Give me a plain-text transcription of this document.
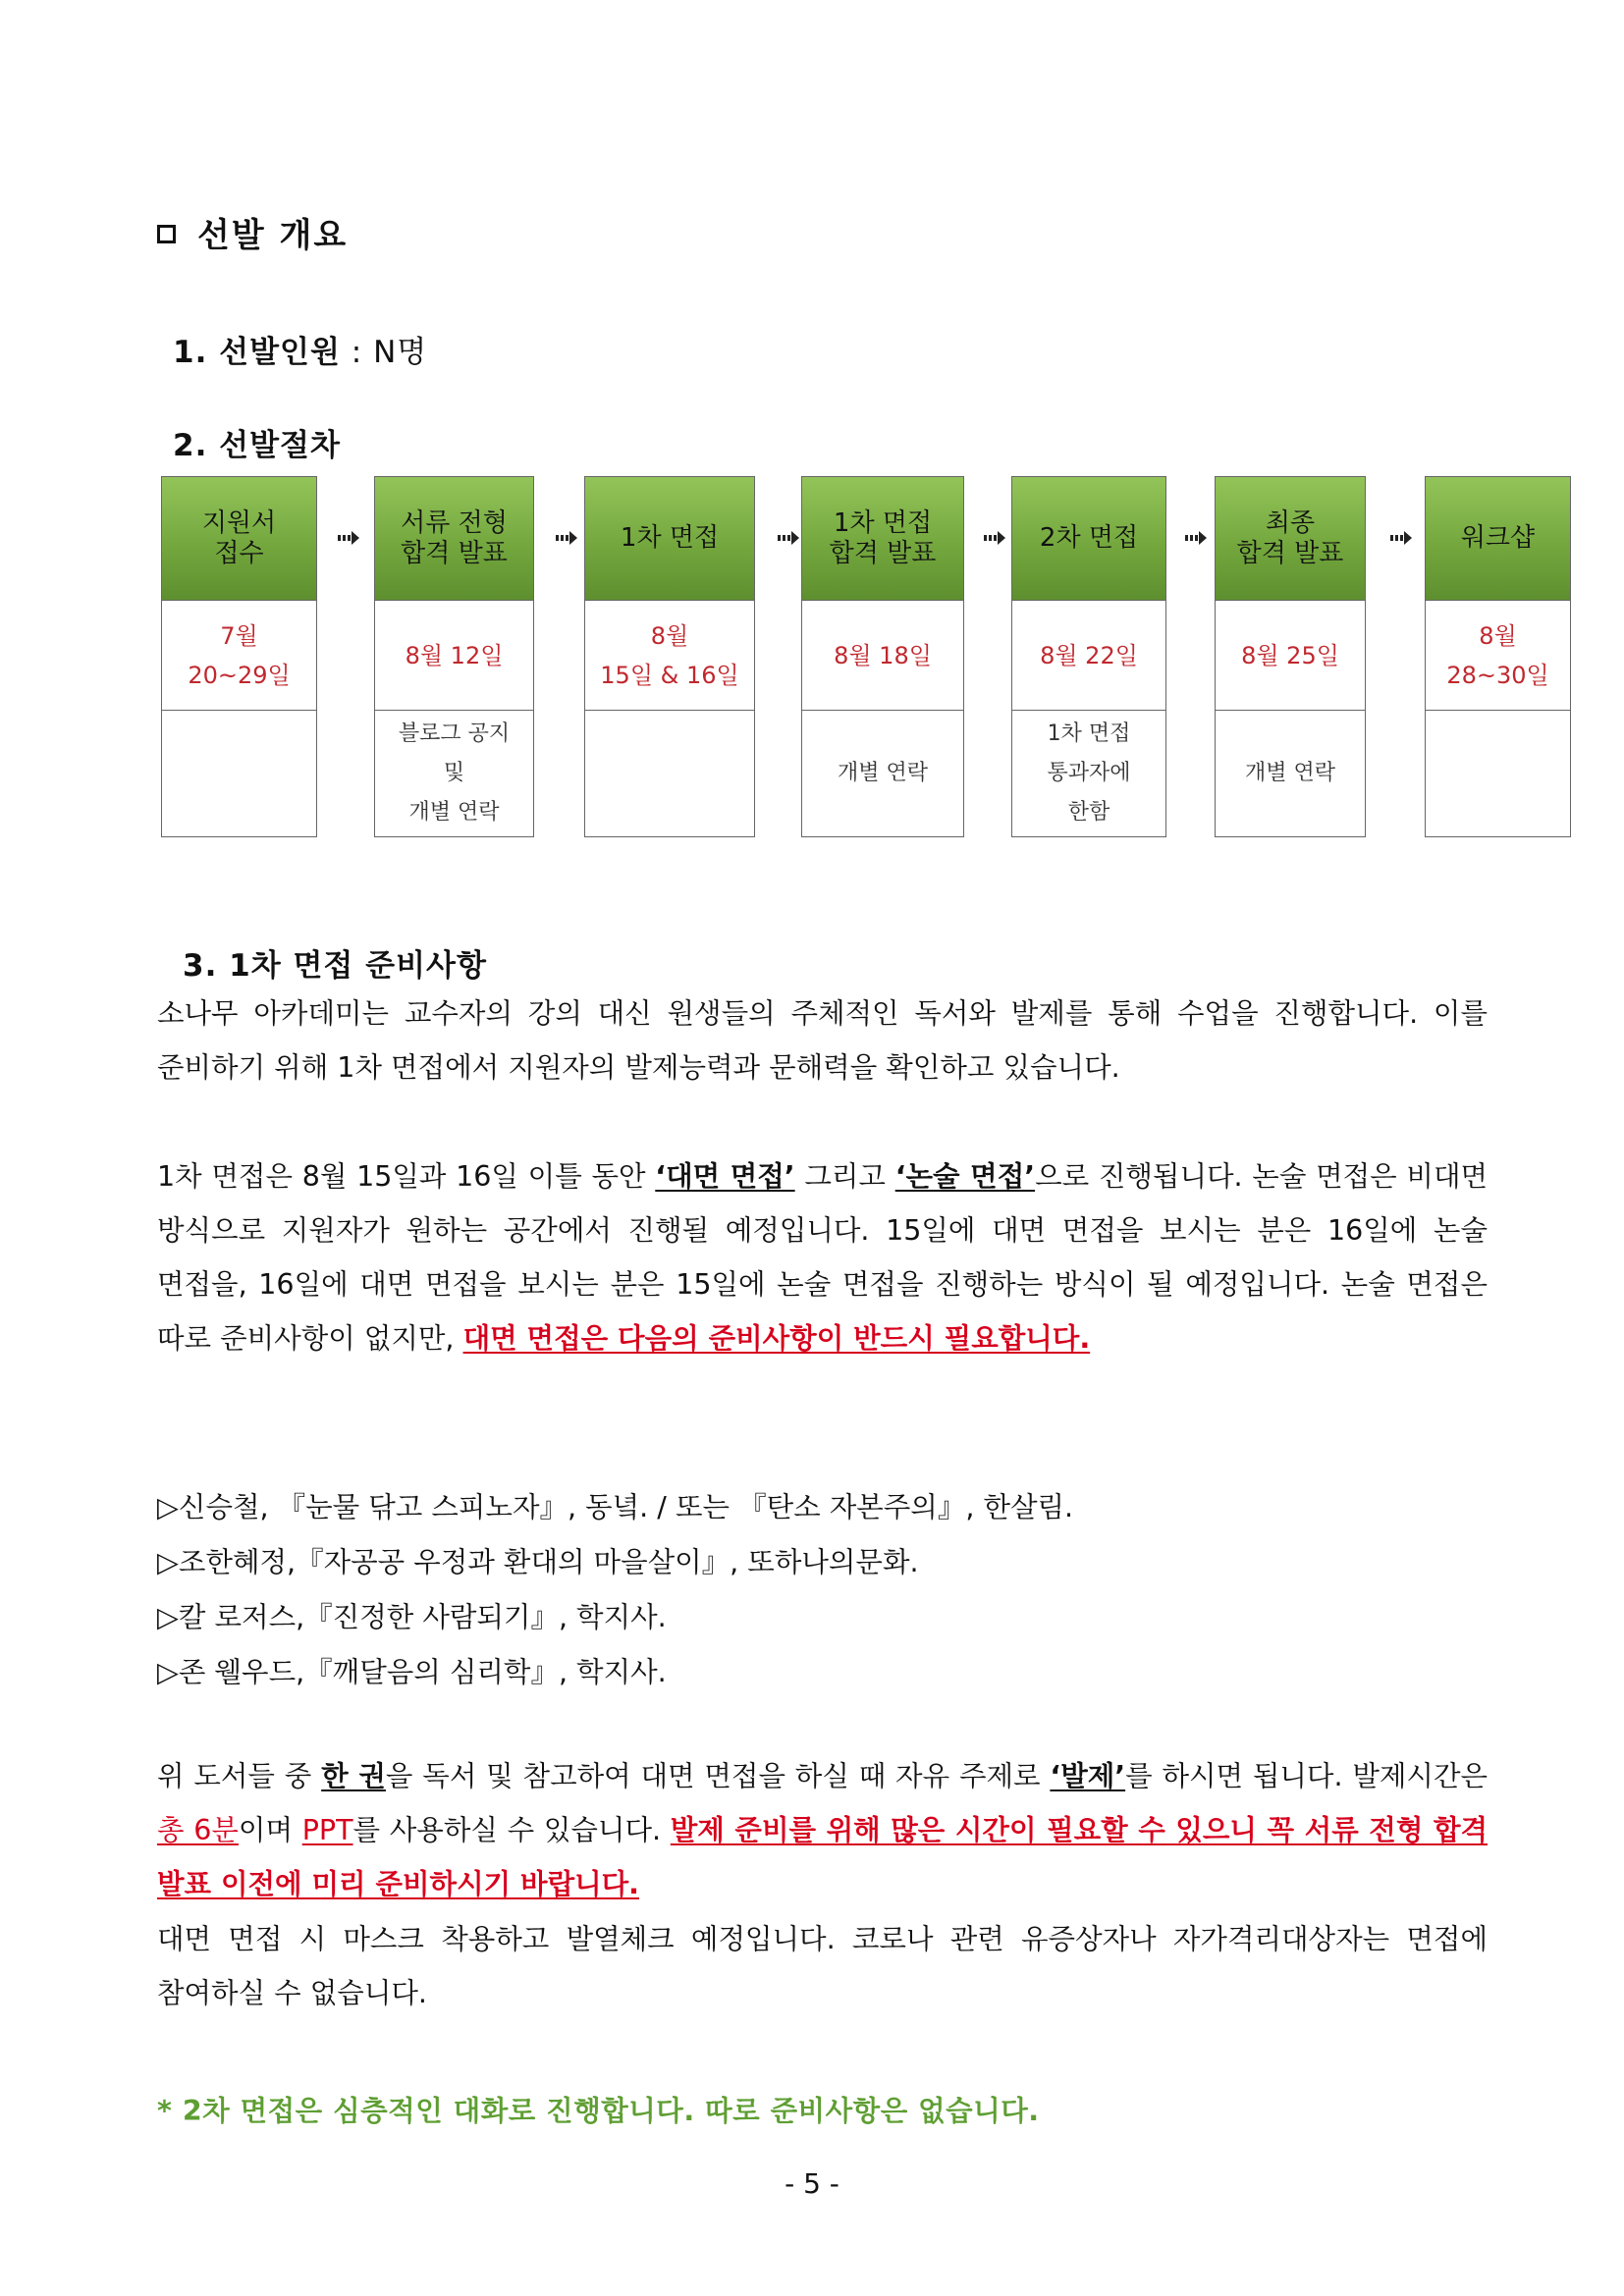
선발 개요
1. 선발인원 : N명
2. 선발절차
지원서
접수
7월
20~29일
서류 전형
합격 발표
8월 12일
블로그 공지
및
개별 연락
1차 면접
8월
15일 & 16일
1차 면접
합격 발표
8월 18일
개별 연락
2차 면접
8월 22일
1차 면접
통과자에
한함
최종
합격 발표
8월 25일
개별 연락
워크샵
8월
28~30일
3. 1차 면접 준비사항
소나무 아카데미는 교수자의 강의 대신 원생들의 주체적인 독서와 발제를 통해 수업을 진행합니다. 이를 준비하기 위해 1차 면접에서 지원자의 발제능력과 문해력을 확인하고 있습니다.
1차 면접은 8월 15일과 16일 이틀 동안 ‘대면 면접’ 그리고 ‘논술 면접’으로 진행됩니다. 논술 면접은 비대면 방식으로 지원자가 원하는 공간에서 진행될 예정입니다. 15일에 대면 면접을 보시는 분은 16일에 논술 면접을, 16일에 대면 면접을 보시는 분은 15일에 논술 면접을 진행하는 방식이 될 예정입니다. 논술 면접은 따로 준비사항이 없지만, 대면 면접은 다음의 준비사항이 반드시 필요합니다.
▷신승철, 『눈물 닦고 스피노자』, 동녘. / 또는 『탄소 자본주의』, 한살림.
▷조한혜정,『자공공 우정과 환대의 마을살이』, 또하나의문화.
▷칼 로저스,『진정한 사람되기』, 학지사.
▷존 웰우드,『깨달음의 심리학』, 학지사.
위 도서들 중 한 권을 독서 및 참고하여 대면 면접을 하실 때 자유 주제로 ‘발제’를 하시면 됩니다. 발제시간은 총 6분이며 PPT를 사용하실 수 있습니다. 발제 준비를 위해 많은 시간이 필요할 수 있으니 꼭 서류 전형 합격 발표 이전에 미리 준비하시기 바랍니다.
대면 면접 시 마스크 착용하고 발열체크 예정입니다. 코로나 관련 유증상자나 자가격리대상자는 면접에 참여하실 수 없습니다.
* 2차 면접은 심층적인 대화로 진행합니다. 따로 준비사항은 없습니다.
- 5 -
